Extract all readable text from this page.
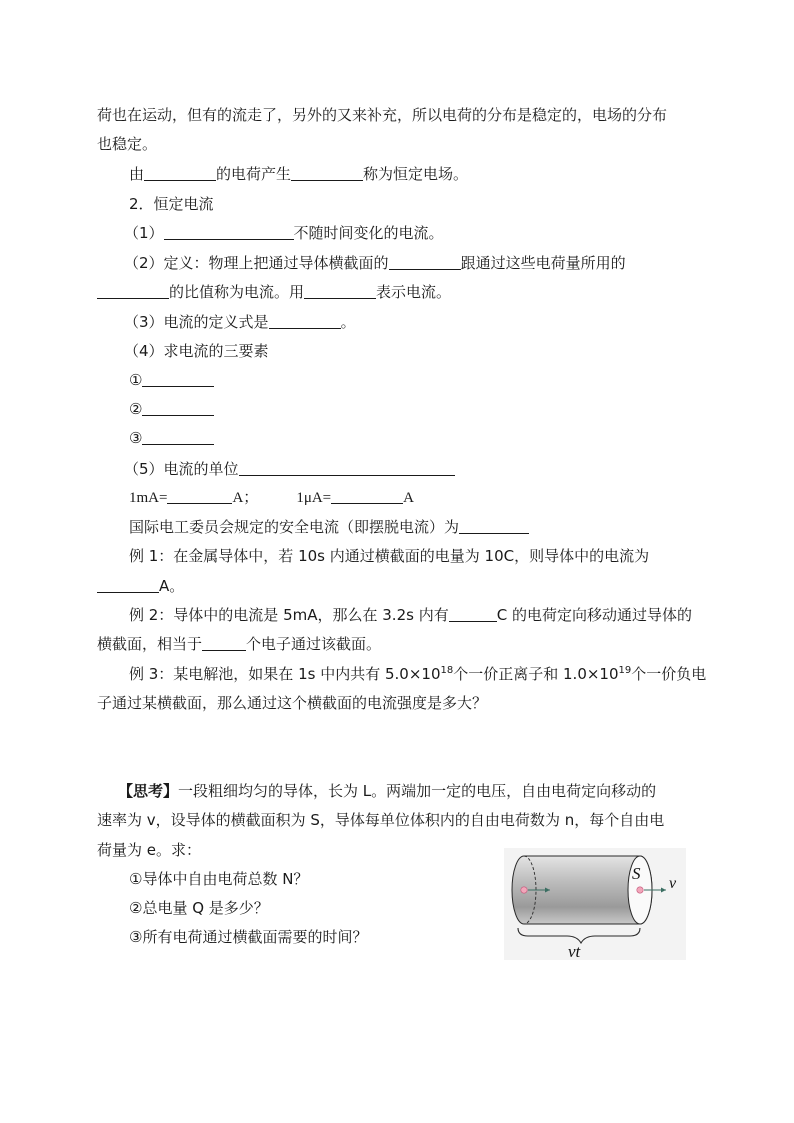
荷也在运动，但有的流走了，另外的又来补充，所以电荷的分布是稳定的，电场的分布
也稳定。
由	的电荷产生	称为恒定电场。
2．恒定电流
（1）	不随时间变化的电流。
（2）定义：物理上把通过导体横截面的	跟通过这些电荷量所用的
的比值称为电流。用	表示电流。
（3）电流的定义式是	。
（4）求电流的三要素
①
②
③
（5）电流的单位
1mA=	A；	1μA=	A
国际电工委员会规定的安全电流（即摆脱电流）为
例 1：在金属导体中，若 10s 内通过横截面的电量为 10C，则导体中的电流为
A。
例 2：导体中的电流是 5mA，那么在 3.2s 内有	C 的电荷定向移动通过导体的
横截面，相当于	个电子通过该截面。
例 3：某电解池，如果在 1s 中内共有 $5.0\times 10^{18}$个一价正离子和 $1.0\times 10^{19}$个一价负电
子通过某横截面，那么通过这个横截面的电流强度是多大？
【思考】一段粗细均匀的导体，长为 L。两端加一定的电压，自由电荷定向移动的
速率为 v，设导体的横截面积为 S，导体每单位体积内的自由电荷数为 n，每个自由电
荷量为 e。求：
①导体中自由电荷总数 N？
②总电量 Q 是多少？
③所有电荷通过横截面需要的时间？
S
v
vt
